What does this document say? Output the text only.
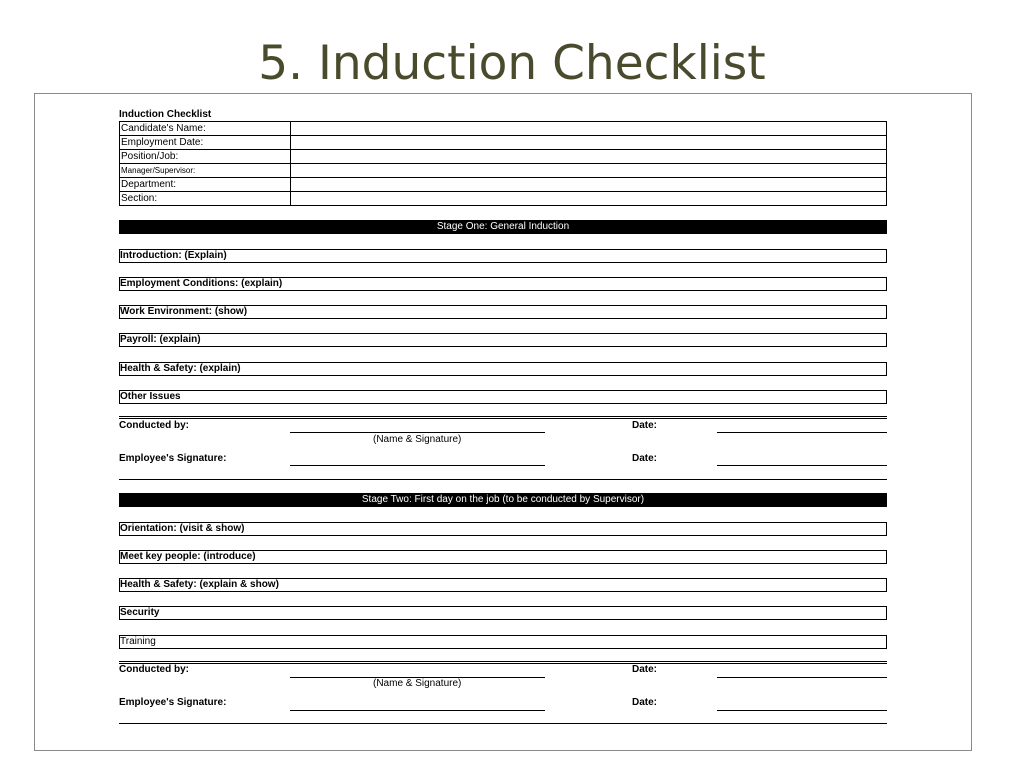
5. Induction Checklist
Induction Checklist
Candidate's Name:	
Employment Date:	
Position/Job:	
Manager/Supervisor:	
Department:	
Section:	
Stage One: General Induction
Introduction: (Explain)
Employment Conditions: (explain)
Work Environment: (show)
Payroll: (explain)
Health & Safety: (explain)
Other Issues
Conducted by:	Date:
(Name & Signature)
Employee's Signature:	Date:
Stage Two: First day on the job (to be conducted by Supervisor)
Orientation: (visit & show)
Meet key people: (introduce)
Health & Safety: (explain & show)
Security
Training
Conducted by:	Date:
(Name & Signature)
Employee's Signature:	Date:
